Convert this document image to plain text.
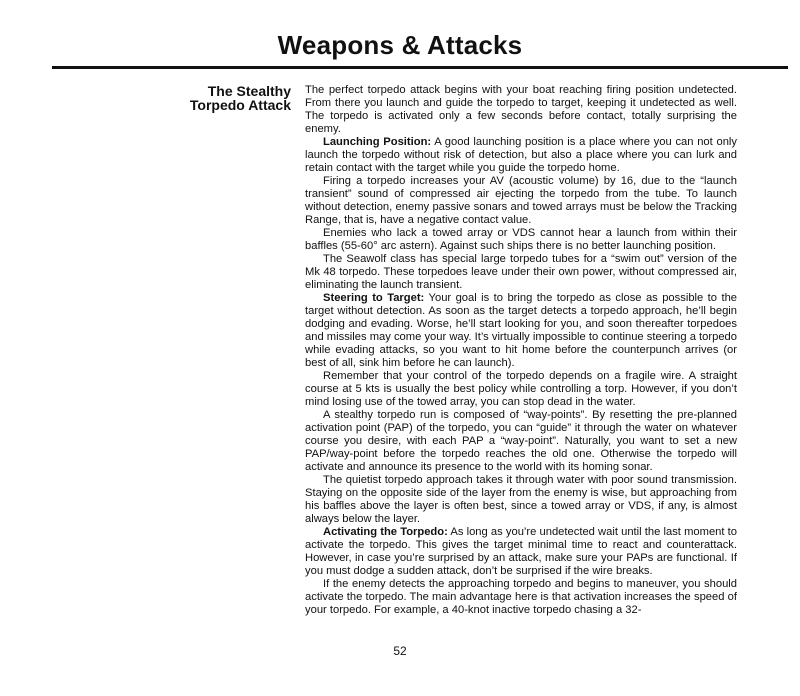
Weapons & Attacks
The Stealthy
Torpedo Attack

The perfect torpedo attack begins with your boat reaching firing position undetected. From there you launch and guide the torpedo to target, keeping it undetected as well. The torpedo is activated only a few seconds before contact, totally surprising the enemy.

Launching Position: A good launching position is a place where you can not only launch the torpedo without risk of detection, but also a place where you can lurk and retain contact with the target while you guide the torpedo home.

Firing a torpedo increases your AV (acoustic volume) by 16, due to the “launch transient” sound of compressed air ejecting the torpedo from the tube. To launch without detection, enemy passive sonars and towed arrays must be below the Tracking Range, that is, have a negative contact value.

Enemies who lack a towed array or VDS cannot hear a launch from within their baffles (55-60° arc astern). Against such ships there is no better launching position.

The Seawolf class has special large torpedo tubes for a “swim out” version of the Mk 48 torpedo. These torpedoes leave under their own power, without compressed air, eliminating the launch transient.

Steering to Target: Your goal is to bring the torpedo as close as possible to the target without detection. As soon as the target detects a torpedo approach, he’ll begin dodging and evading. Worse, he’ll start looking for you, and soon thereafter torpedoes and missiles may come your way. It’s virtually impossible to continue steering a torpedo while evading attacks, so you want to hit home before the counterpunch arrives (or best of all, sink him before he can launch).

Remember that your control of the torpedo depends on a fragile wire. A straight course at 5 kts is usually the best policy while controlling a torp. However, if you don’t mind losing use of the towed array, you can stop dead in the water.

A stealthy torpedo run is composed of “way-points”. By resetting the pre-planned activation point (PAP) of the torpedo, you can “guide” it through the water on whatever course you desire, with each PAP a “way-point”. Naturally, you want to set a new PAP/way-point before the torpedo reaches the old one. Otherwise the torpedo will activate and announce its presence to the world with its homing sonar.

The quietist torpedo approach takes it through water with poor sound transmission. Staying on the opposite side of the layer from the enemy is wise, but approaching from his baffles above the layer is often best, since a towed array or VDS, if any, is almost always below the layer.

Activating the Torpedo: As long as you’re undetected wait until the last moment to activate the torpedo. This gives the target minimal time to react and counterattack. However, in case you’re surprised by an attack, make sure your PAPs are functional. If you must dodge a sudden attack, don’t be surprised if the wire breaks.

If the enemy detects the approaching torpedo and begins to maneuver, you should activate the torpedo. The main advantage here is that activation increases the speed of your torpedo. For example, a 40-knot inactive torpedo chasing a 32-

52
